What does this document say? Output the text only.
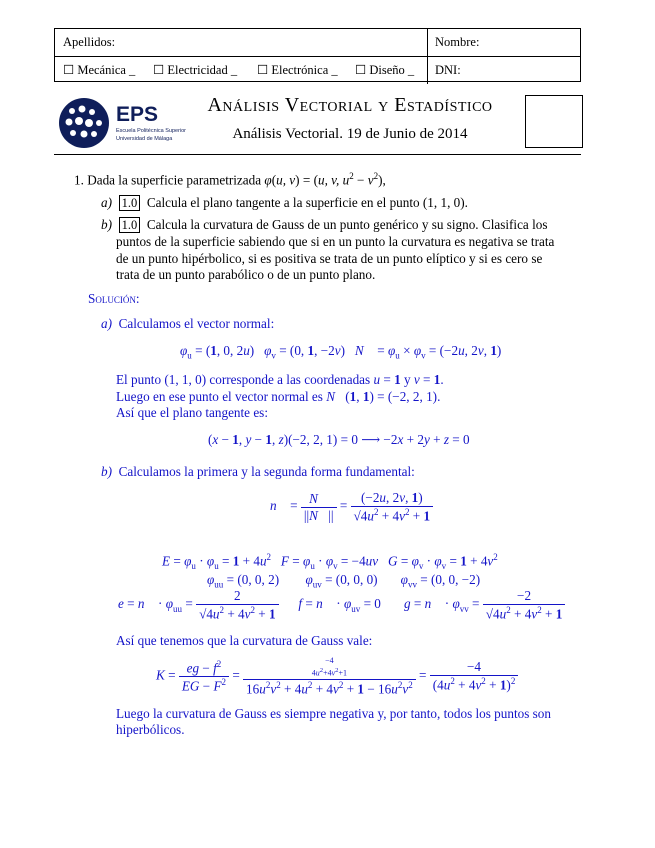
Apellidos:	Nombre:
☐ Mecánica _ ☐ Electricidad _ ☐ Electrónica _ ☐ Diseño _ DNI:
EPS
Escuela Politécnica Superior
Universidad de Málaga
Análisis Vectorial y Estadístico
Análisis Vectorial. 19 de Junio de 2014
1. Dada la superficie parametrizada φ(u, v) = (u, v, $u^2 - v^2$),
a) 1.0 Calcula el plano tangente a la superficie en el punto (1, 1, 0).
b) 1.0 Calcula la curvatura de Gauss de un punto genérico y su signo. Clasifica los
puntos de la superficie sabiendo que si en un punto la curvatura es negativa se trata
de un punto hipérbolico, si es positiva se trata de un punto elíptico y si es cero se
trata de un punto parabólico o de un punto plano.
Solución:
a) Calculamos el vector normal:
$\varphi_u = (1$, 0, 2u)   $\varphi_v = (0$, 1, −2v)   N⃗ = $\varphi_u \times \varphi_v = (-2u$, 2v, 1)
El punto (1, 1, 0) corresponde a las coordenadas u = 1 y v = 1.
Luego en ese punto el vector normal es N⃗(1, 1) = (−2, 2, 1).
Así que el plano tangente es:
(x − 1, y − 1, z)(−2, 2, 1) = 0 ⟶ −2x + 2y + z = 0
b) Calculamos la primera y la segunda forma fundamental:
n⃗ = $\frac{N⃗}{||N⃗||} = \frac{(-2u, 2v, 1)}{√4u^2 + 4v^2 + 1}$
$E = \varphi_u \cdot \varphi_u = 1 + 4u^2$ $F = \varphi_u \cdot \varphi_v = -4uv$ $G = \varphi_v \cdot \varphi_v = 1 + 4v^2$
$\varphi_{uu} = (0$, 0, 2)        $\varphi_{uv} = (0$, 0, 0)       $\varphi_{vv} = (0$, 0, −2)
e = n⃗ · $\varphi_{uu} = \frac{2}{√4u^2 + 4v^2 + 1}$ f = n⃗ · $\varphi_{uv} = 0$       g = n⃗ · $\varphi_{vv} = \frac{-2}{√4u^2 + 4v^2 + 1}$
Así que tenemos que la curvatura de Gauss vale:
$K = \frac{eg - f^2}{EG - F^2}$ =
−4
$4u^2+4v^2+1$
$16u^2v^2 + 4u^2 + 4v^2 + 1 - 16u^2v^2$
= $\frac{-4}{(4u^2 + 4v^2 + 1)^2}$
Luego la curvatura de Gauss es siempre negativa y, por tanto, todos los puntos son
hiperbólicos.
